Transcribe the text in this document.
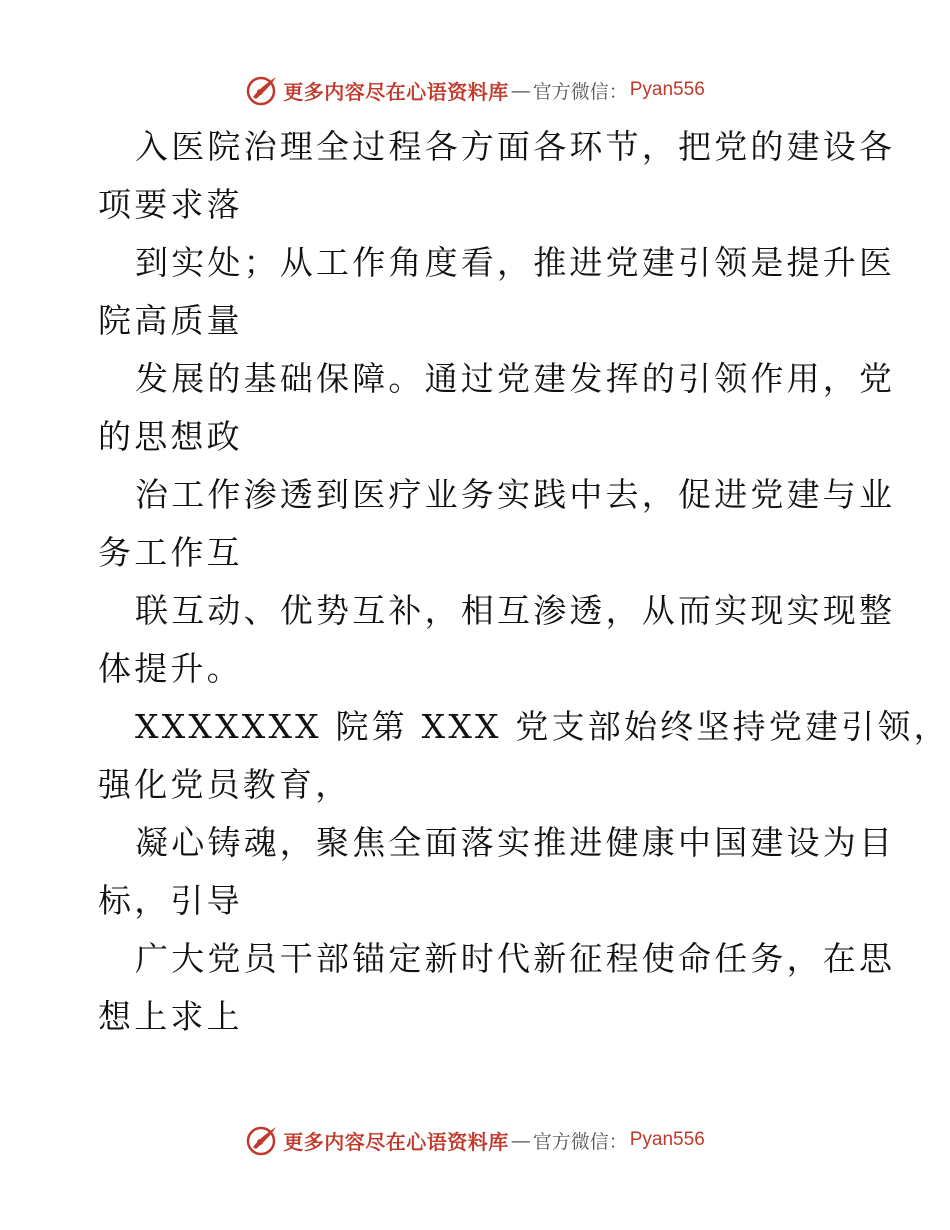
更多内容尽在心语资料库 — 官方微信： Pyan556

入医院治理全过程各方面各环节，把党的建设各
项要求落

到实处；从工作角度看，推进党建引领是提升医
院高质量

发展的基础保障。通过党建发挥的引领作用，党
的思想政

治工作渗透到医疗业务实践中去，促进党建与业
务工作互

联互动、优势互补，相互渗透，从而实现实现整
体提升。

XXXXXXX 院第 XXX 党支部始终坚持党建引领，
强化党员教育，

凝心铸魂，聚焦全面落实推进健康中国建设为目
标，引导

广大党员干部锚定新时代新征程使命任务，在思
想上求上

更多内容尽在心语资料库 — 官方微信： Pyan556
